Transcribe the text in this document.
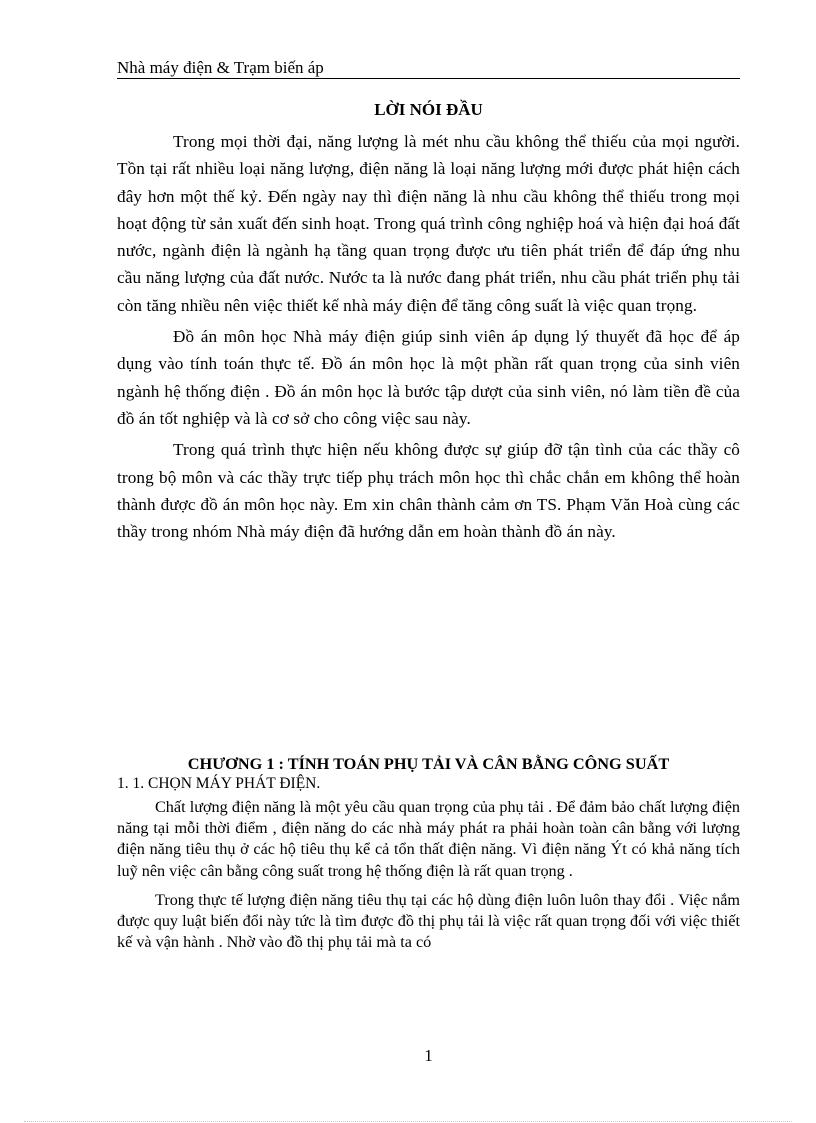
Nhà máy điện & Trạm biến áp
LỜI NÓI ĐẦU

Trong mọi thời đại, năng lượng là mét nhu cầu không thể thiếu của mọi người. Tồn tại rất nhiều loại năng lượng, điện năng là loại năng lượng mới được phát hiện cách đây hơn một thế kỷ. Đến ngày nay thì điện năng là nhu cầu không thể thiếu trong mọi hoạt động từ sản xuất đến sinh hoạt. Trong quá trình công nghiệp hoá và hiện đại hoá đất nước, ngành điện là ngành hạ tầng quan trọng được ưu tiên phát triển để đáp ứng nhu cầu năng lượng của đất nước. Nước ta là nước đang phát triển, nhu cầu phát triển phụ tải còn tăng nhiều nên việc thiết kế nhà máy điện để tăng công suất là việc quan trọng.

Đồ án môn học Nhà máy điện giúp sinh viên áp dụng lý thuyết đã học để áp dụng vào tính toán thực tế. Đồ án môn học là một phần rất quan trọng của sinh viên ngành hệ thống điện . Đồ án môn học là bước tập dượt của sinh viên, nó làm tiền đề của đồ án tốt nghiệp và là cơ sở cho công việc sau này.

Trong quá trình thực hiện nếu không được sự giúp đỡ tận tình của các thầy cô trong bộ môn và các thầy trực tiếp phụ trách môn học thì chắc chắn em không thể hoàn thành được đồ án môn học này. Em xin chân thành cảm ơn TS. Phạm Văn Hoà cùng các thầy trong nhóm Nhà máy điện đã hướng dẫn em hoàn thành đồ án này.

CHƯƠNG 1 : TÍNH TOÁN PHỤ TẢI VÀ CÂN BẰNG CÔNG SUẤT
1. 1. CHỌN MÁY PHÁT ĐIỆN.

Chất lượng điện năng là một yêu cầu quan trọng của phụ tải . Để đảm bảo chất lượng điện năng tại mỗi thời điểm , điện năng do các nhà máy phát ra phải hoàn toàn cân bằng với lượng điện năng tiêu thụ ở các hộ tiêu thụ kể cả tổn thất điện năng. Vì điện năng Ýt có khả năng tích luỹ nên việc cân bằng công suất trong hệ thống điện là rất quan trọng .

Trong thực tế lượng điện năng tiêu thụ tại các hộ dùng điện luôn luôn thay đổi . Việc nắm được quy luật biến đổi này tức là tìm được đồ thị phụ tải là việc rất quan trọng đối với việc thiết kế và vận hành . Nhờ vào đồ thị phụ tải mà ta có

1
